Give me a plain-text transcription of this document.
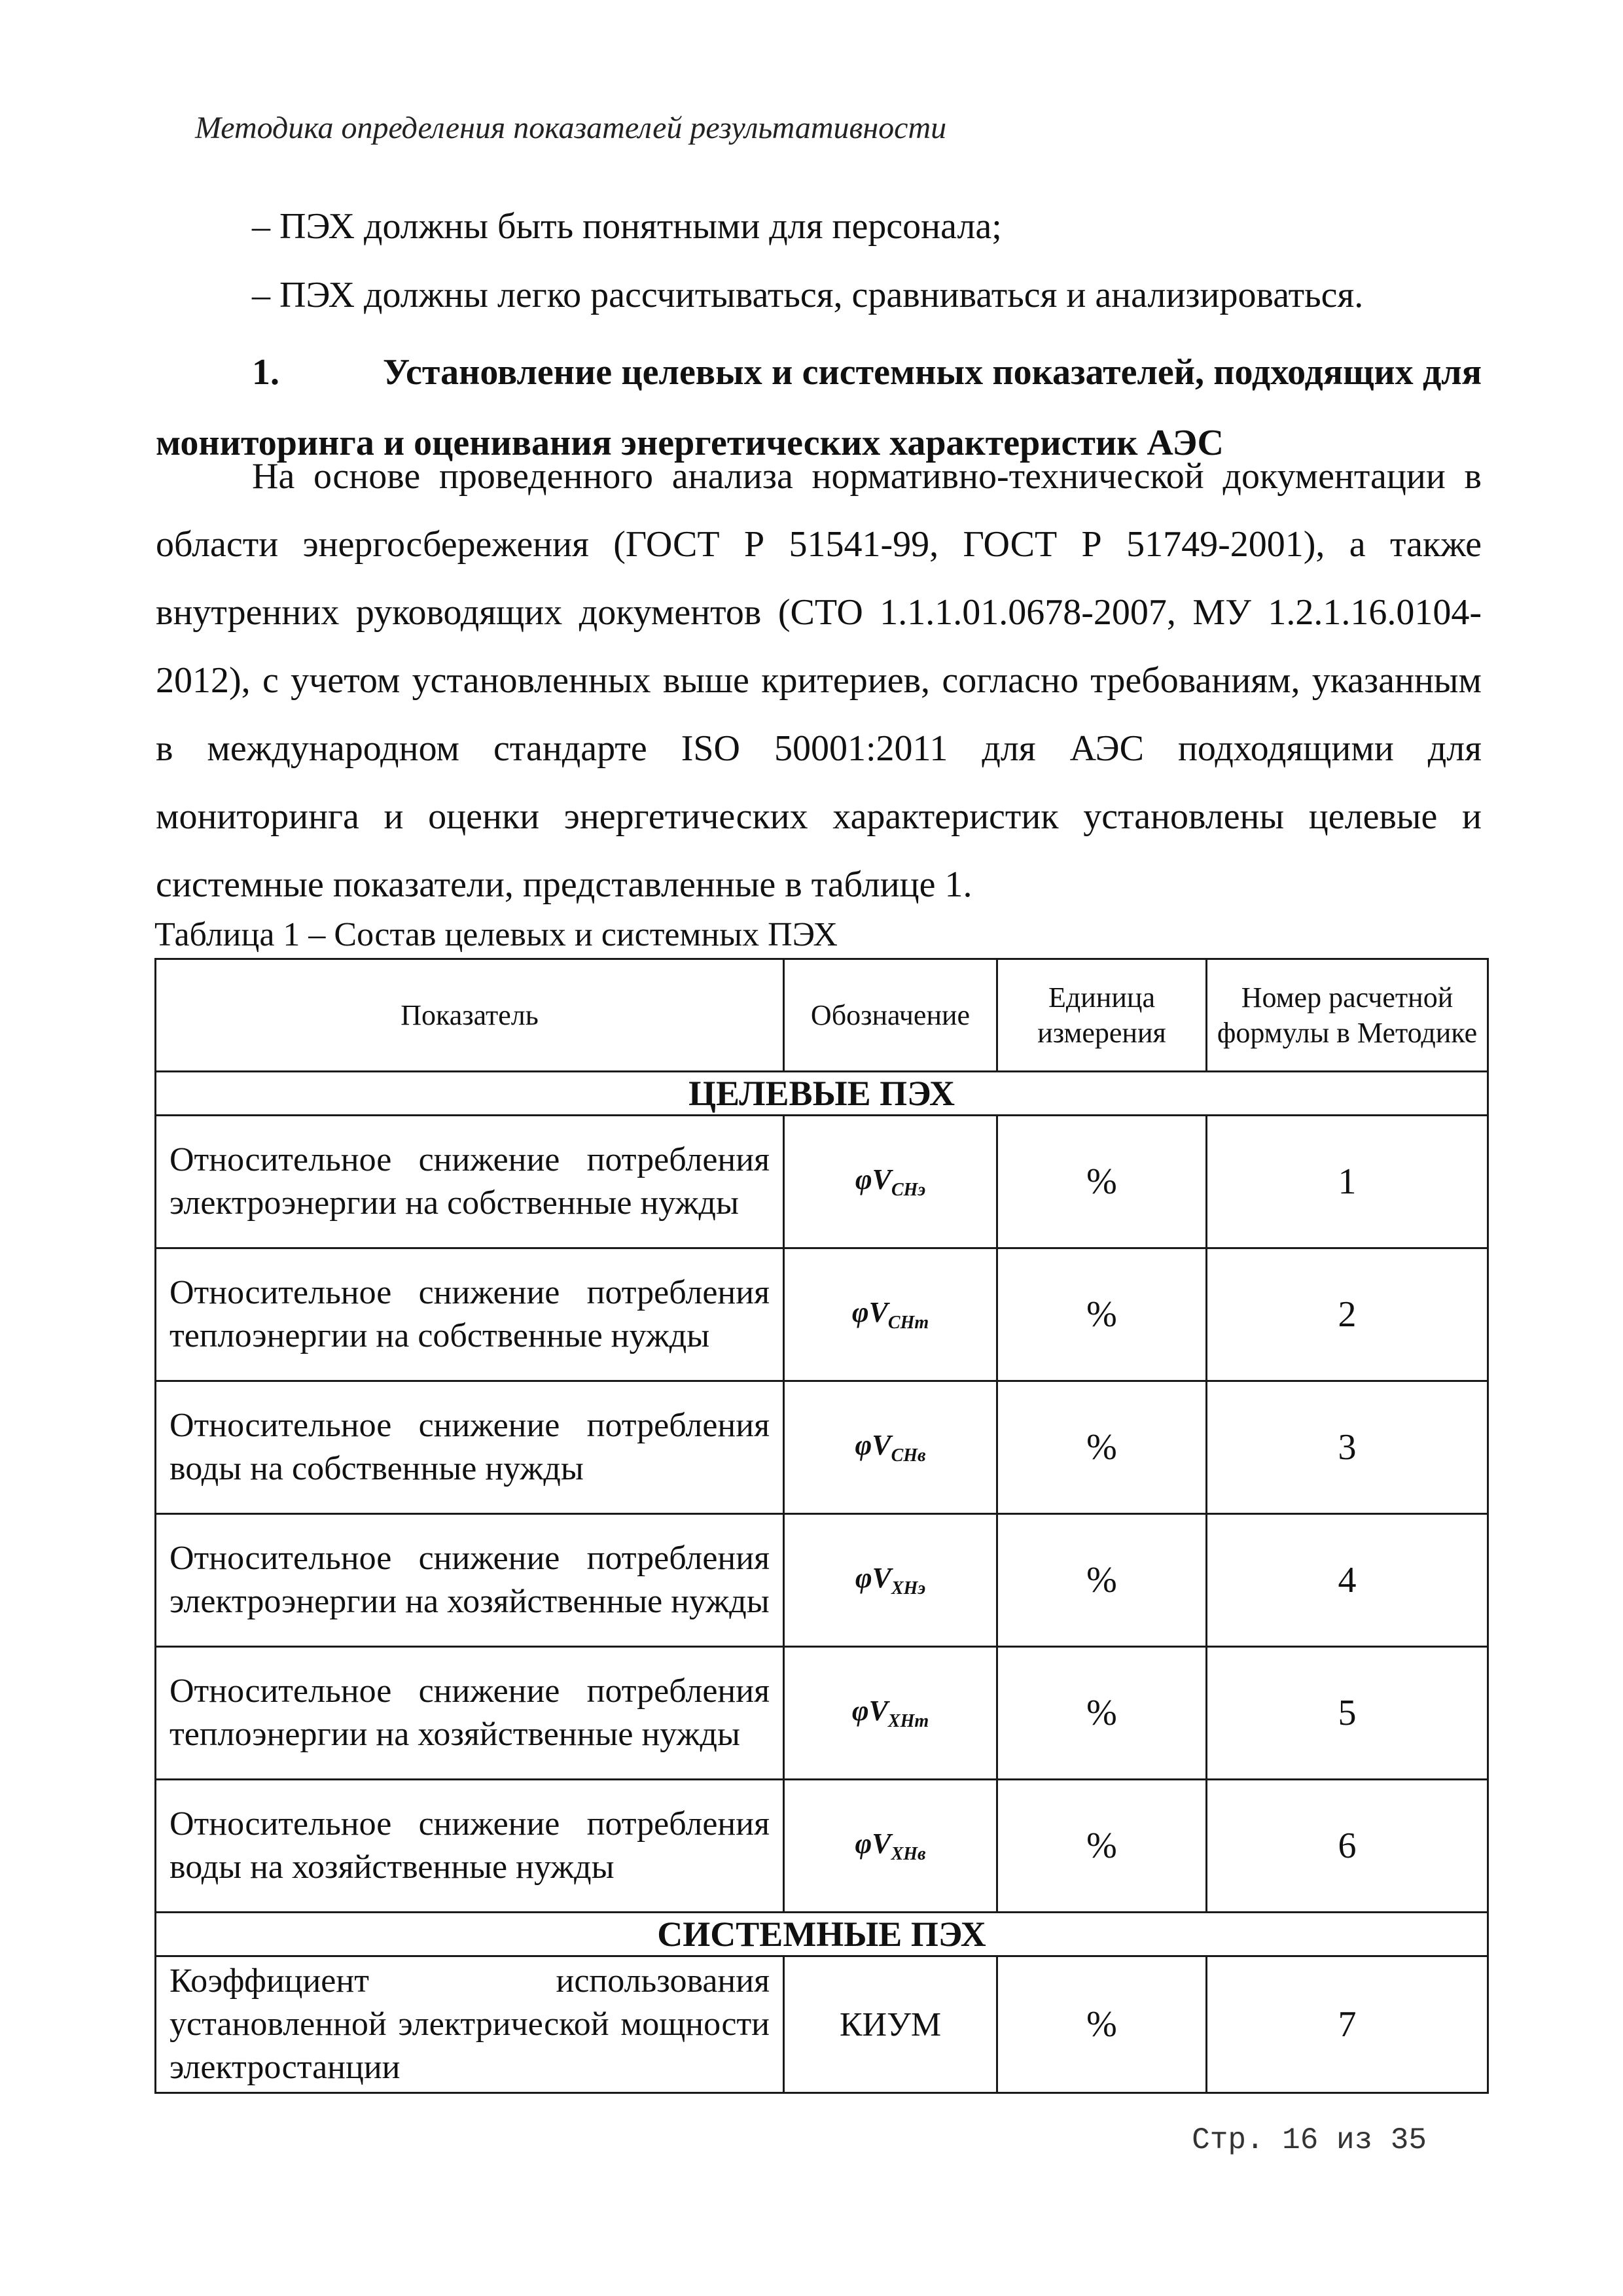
Методика определения показателей результативности
– ПЭХ должны быть понятными для персонала;
– ПЭХ должны легко рассчитываться, сравниваться и анализироваться.
1.	Установление целевых и системных показателей, подходящих для мониторинга и оценивания энергетических характеристик АЭС
На основе проведенного анализа нормативно-технической документации в области энергосбережения (ГОСТ Р 51541-99, ГОСТ Р 51749-2001), а также внутренних руководящих документов (СТО 1.1.1.01.0678-2007, МУ 1.2.1.16.0104-2012), с учетом установленных выше критериев, согласно требованиям, указанным в международном стандарте ISO 50001:2011 для АЭС подходящими для мониторинга и оценки энергетических характеристик установлены целевые и системные показатели, представленные в таблице 1.
Таблица 1 – Состав целевых и системных ПЭХ
Показатель	Обозначение	Единица измерения	Номер расчетной формулы в Методике
ЦЕЛЕВЫЕ ПЭХ			
Относительное снижение потребления электроэнергии на собственные нужды	$\varphi V_{СНэ}$	%	1
Относительное снижение потребления теплоэнергии на собственные нужды	$\varphi V_{СНт}$	%	2
Относительное снижение потребления воды на собственные нужды	$\varphi V_{СНв}$	%	3
Относительное снижение потребления электроэнергии на хозяйственные нужды	$\varphi V_{ХНэ}$	%	4
Относительное снижение потребления теплоэнергии на хозяйственные нужды	$\varphi V_{ХНт}$	%	5
Относительное снижение потребления воды на хозяйственные нужды	$\varphi V_{ХНв}$	%	6
СИСТЕМНЫЕ ПЭХ			
Коэффициент использования установленной электрической мощности электростанции	КИУМ	%	7
Стр. 16 из 35
